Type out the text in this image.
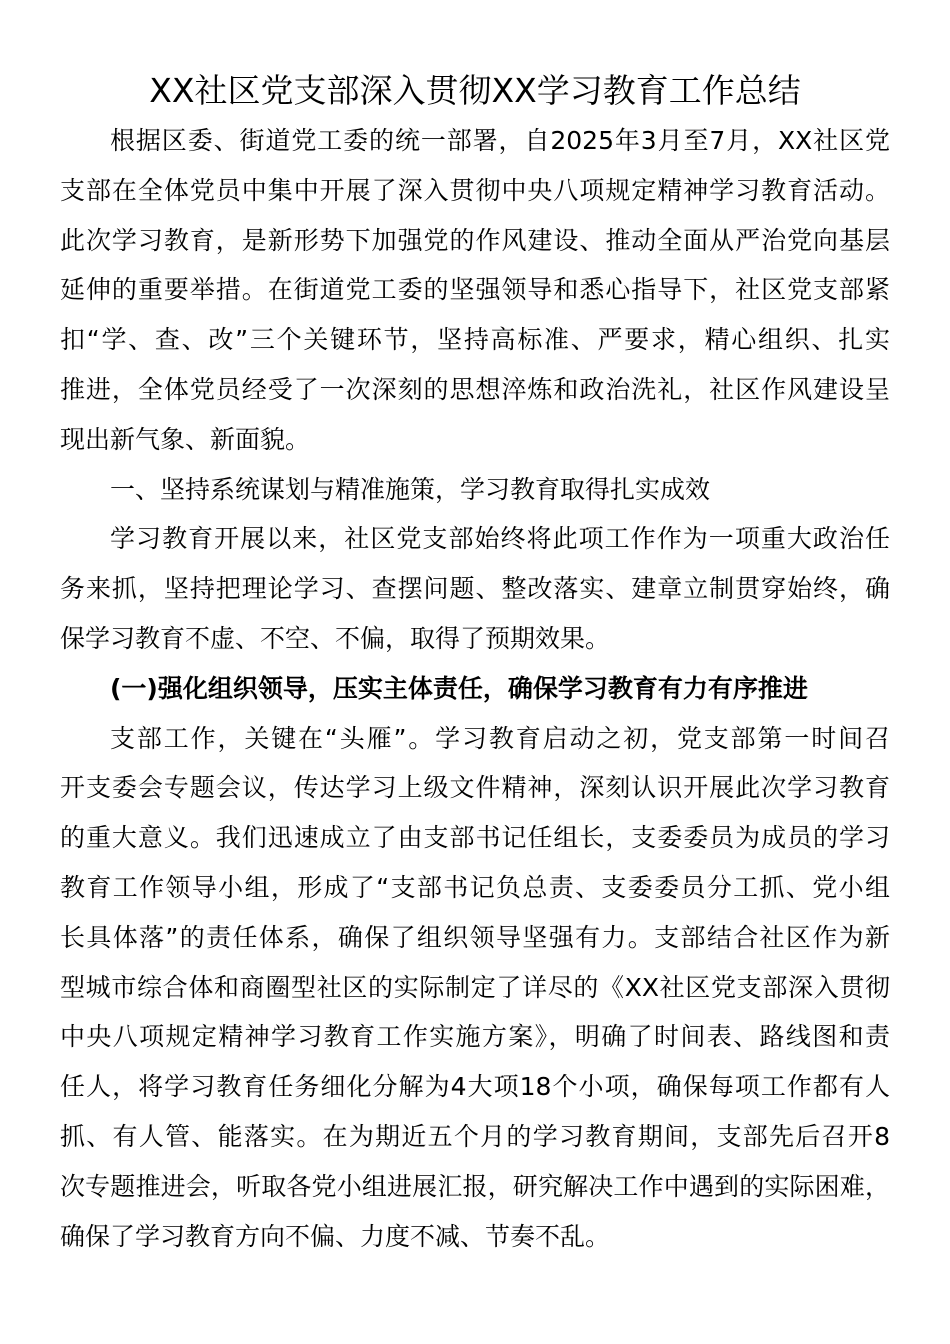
XX社区党支部深入贯彻XX学习教育工作总结
根据区委、街道党工委的统一部署，自2025年3月至7月，XX社区党
支部在全体党员中集中开展了深入贯彻中央八项规定精神学习教育活动。
此次学习教育，是新形势下加强党的作风建设、推动全面从严治党向基层
延伸的重要举措。在街道党工委的坚强领导和悉心指导下，社区党支部紧
扣“学、查、改”三个关键环节，坚持高标准、严要求，精心组织、扎实
推进，全体党员经受了一次深刻的思想淬炼和政治洗礼，社区作风建设呈
现出新气象、新面貌。

一、坚持系统谋划与精准施策，学习教育取得扎实成效

学习教育开展以来，社区党支部始终将此项工作作为一项重大政治任
务来抓，坚持把理论学习、查摆问题、整改落实、建章立制贯穿始终，确
保学习教育不虚、不空、不偏，取得了预期效果。

(一)强化组织领导，压实主体责任，确保学习教育有力有序推进

支部工作，关键在“头雁”。学习教育启动之初，党支部第一时间召
开支委会专题会议，传达学习上级文件精神，深刻认识开展此次学习教育
的重大意义。我们迅速成立了由支部书记任组长，支委委员为成员的学习
教育工作领导小组，形成了“支部书记负总责、支委委员分工抓、党小组
长具体落”的责任体系，确保了组织领导坚强有力。支部结合社区作为新
型城市综合体和商圈型社区的实际制定了详尽的《XX社区党支部深入贯彻
中央八项规定精神学习教育工作实施方案》，明确了时间表、路线图和责
任人，将学习教育任务细化分解为4大项18个小项，确保每项工作都有人
抓、有人管、能落实。在为期近五个月的学习教育期间，支部先后召开8
次专题推进会，听取各党小组进展汇报，研究解决工作中遇到的实际困难，
确保了学习教育方向不偏、力度不减、节奏不乱。
